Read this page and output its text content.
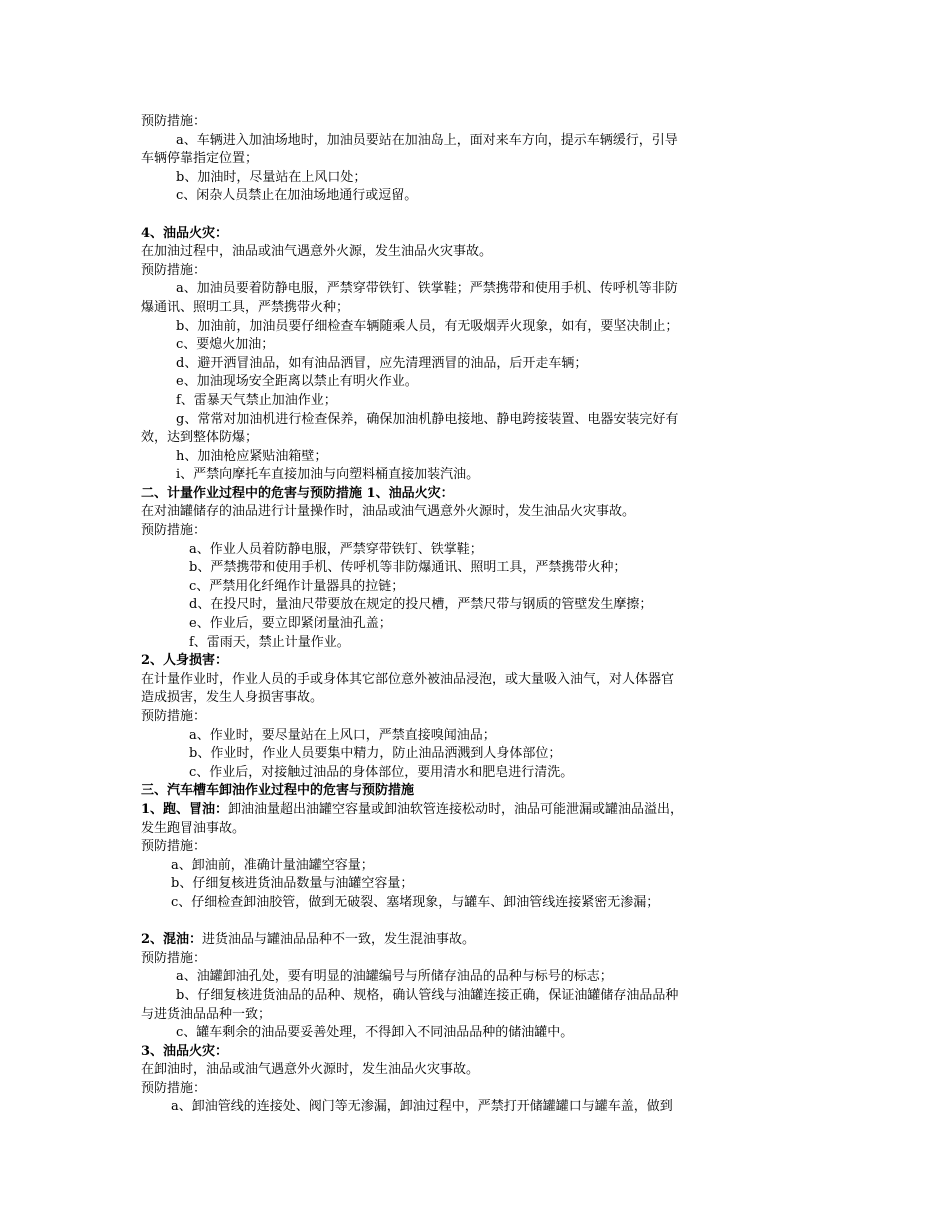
预防措施：
a、车辆进入加油场地时，加油员要站在加油岛上，面对来车方向，提示车辆缓行，引导
车辆停靠指定位置；
b、加油时，尽量站在上风口处；
c、闲杂人员禁止在加油场地通行或逗留。
4、油品火灾：
在加油过程中，油品或油气遇意外火源，发生油品火灾事故。
预防措施：
a、加油员要着防静电服，严禁穿带铁钉、铁掌鞋；严禁携带和使用手机、传呼机等非防
爆通讯、照明工具，严禁携带火种；
b、加油前，加油员要仔细检查车辆随乘人员，有无吸烟弄火现象，如有，要坚决制止；
c、要熄火加油；
d、避开洒冒油品，如有油品洒冒，应先清理洒冒的油品，后开走车辆；
e、加油现场安全距离以禁止有明火作业。
f、雷暴天气禁止加油作业；
g、常常对加油机进行检查保养，确保加油机静电接地、静电跨接装置、电器安装完好有
效，达到整体防爆；
h、加油枪应紧贴油箱壁；
i、严禁向摩托车直接加油与向塑料桶直接加装汽油。
二、计量作业过程中的危害与预防措施 1、油品火灾：
在对油罐储存的油品进行计量操作时，油品或油气遇意外火源时，发生油品火灾事故。
预防措施：
a、作业人员着防静电服，严禁穿带铁钉、铁掌鞋；
b、严禁携带和使用手机、传呼机等非防爆通讯、照明工具，严禁携带火种；
c、严禁用化纤绳作计量器具的拉链；
d、在投尺时，量油尺带要放在规定的投尺槽，严禁尺带与钢质的管壁发生摩擦；
e、作业后，要立即紧闭量油孔盖；
f、雷雨天，禁止计量作业。
2、人身损害：
在计量作业时，作业人员的手或身体其它部位意外被油品浸泡，或大量吸入油气，对人体器官
造成损害，发生人身损害事故。
预防措施：
a、作业时，要尽量站在上风口，严禁直接嗅闻油品；
b、作业时，作业人员要集中精力，防止油品洒溅到人身体部位；
c、作业后，对接触过油品的身体部位，要用清水和肥皂进行清洗。
三、汽车槽车卸油作业过程中的危害与预防措施
1、跑、冒油：卸油油量超出油罐空容量或卸油软管连接松动时，油品可能泄漏或罐油品溢出，
发生跑冒油事故。
预防措施：
a、卸油前，准确计量油罐空容量；
b、仔细复核进货油品数量与油罐空容量；
c、仔细检查卸油胶管，做到无破裂、塞堵现象，与罐车、卸油管线连接紧密无渗漏；
2、混油：进货油品与罐油品品种不一致，发生混油事故。
预防措施：
a、油罐卸油孔处，要有明显的油罐编号与所储存油品的品种与标号的标志；
b、仔细复核进货油品的品种、规格，确认管线与油罐连接正确，保证油罐储存油品品种
与进货油品品种一致；
c、罐车剩余的油品要妥善处理，不得卸入不同油品品种的储油罐中。
3、油品火灾：
在卸油时，油品或油气遇意外火源时，发生油品火灾事故。
预防措施：
a、卸油管线的连接处、阀门等无渗漏，卸油过程中，严禁打开储罐罐口与罐车盖，做到
